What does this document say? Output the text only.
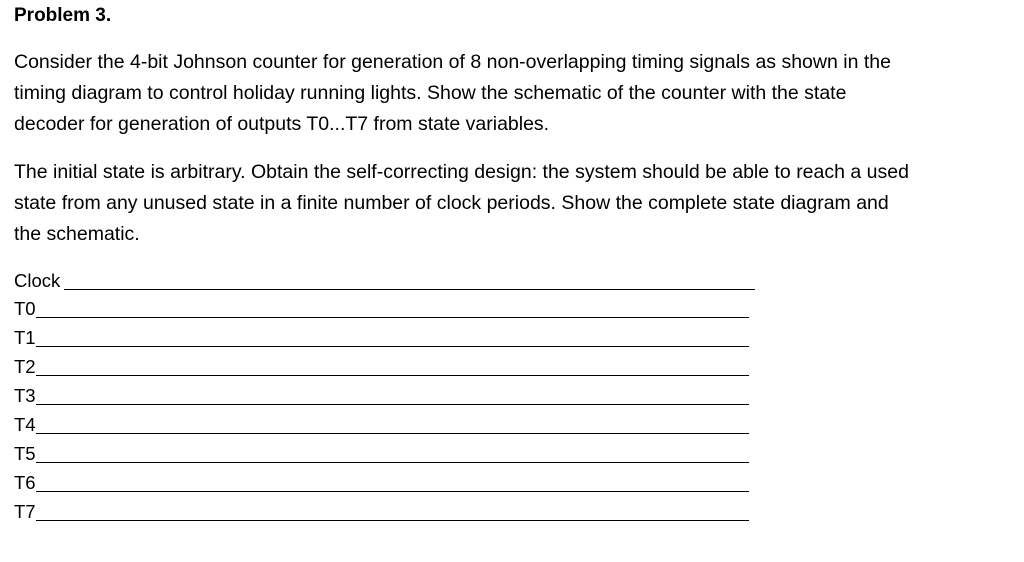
Problem 3.
Consider the 4-bit Johnson counter for generation of 8 non-overlapping timing signals as shown in the
timing diagram to control holiday running lights. Show the schematic of the counter with the state
decoder for generation of outputs T0...T7 from state variables.
The initial state is arbitrary. Obtain the self-correcting design: the system should be able to reach a used
state from any unused state in a finite number of clock periods. Show the complete state diagram and
the schematic.
Clock
T0
T1
T2
T3
T4
T5
T6
T7
